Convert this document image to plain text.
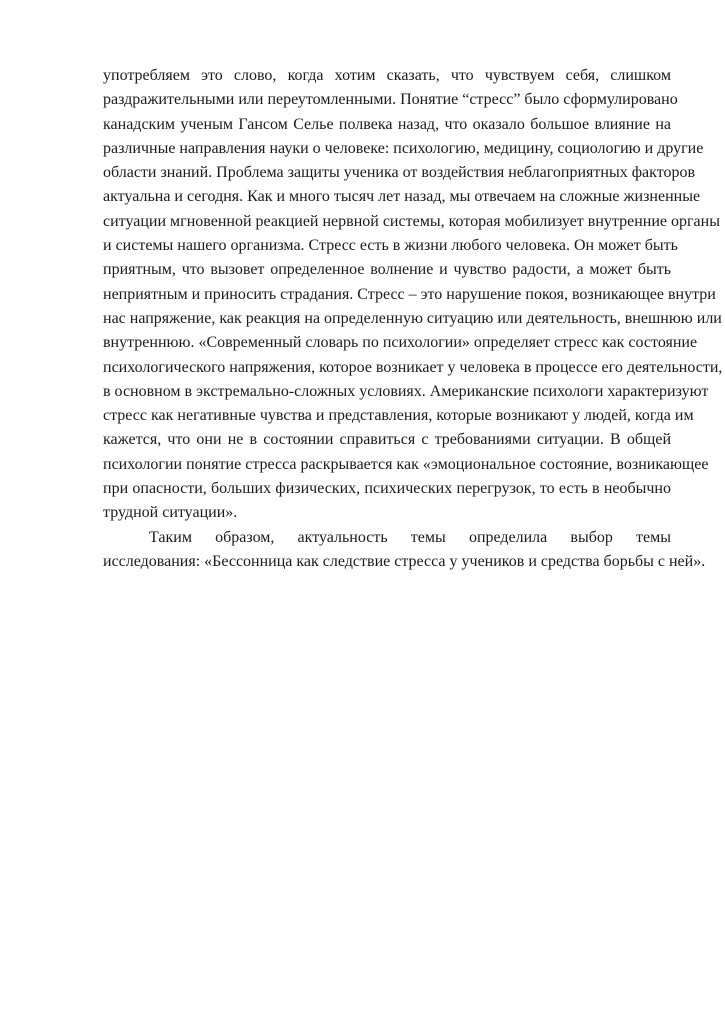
употребляем это слово, когда хотим сказать, что чувствуем себя, слишком
раздражительными или переутомленными. Понятие “стресс” было сформулировано
канадским ученым Гансом Селье полвека назад, что оказало большое влияние на
различные направления науки о человеке: психологию, медицину, социологию и другие
области знаний. Проблема защиты ученика от воздействия неблагоприятных факторов
актуальна и сегодня. Как и много тысяч лет назад, мы отвечаем на сложные жизненные
ситуации мгновенной реакцией нервной системы, которая мобилизует внутренние органы
и системы нашего организма. Стресс есть в жизни любого человека. Он может быть
приятным, что вызовет определенное волнение и чувство радости, а может быть
неприятным и приносить страдания. Стресс – это нарушение покоя, возникающее внутри
нас напряжение, как реакция на определенную ситуацию или деятельность, внешнюю или
внутреннюю. «Современный словарь по психологии» определяет стресс как состояние
психологического напряжения, которое возникает у человека в процессе его деятельности,
в основном в экстремально-сложных условиях. Американские психологи характеризуют
стресс как негативные чувства и представления, которые возникают у людей, когда им
кажется, что они не в состоянии справиться с требованиями ситуации. В общей
психологии понятие стресса раскрывается как «эмоциональное состояние, возникающее
при опасности, больших физических, психических перегрузок, то есть в необычно
трудной ситуации».
Таким образом, актуальность темы определила выбор темы
исследования: «Бессонница как следствие стресса у учеников и средства борьбы с ней».
